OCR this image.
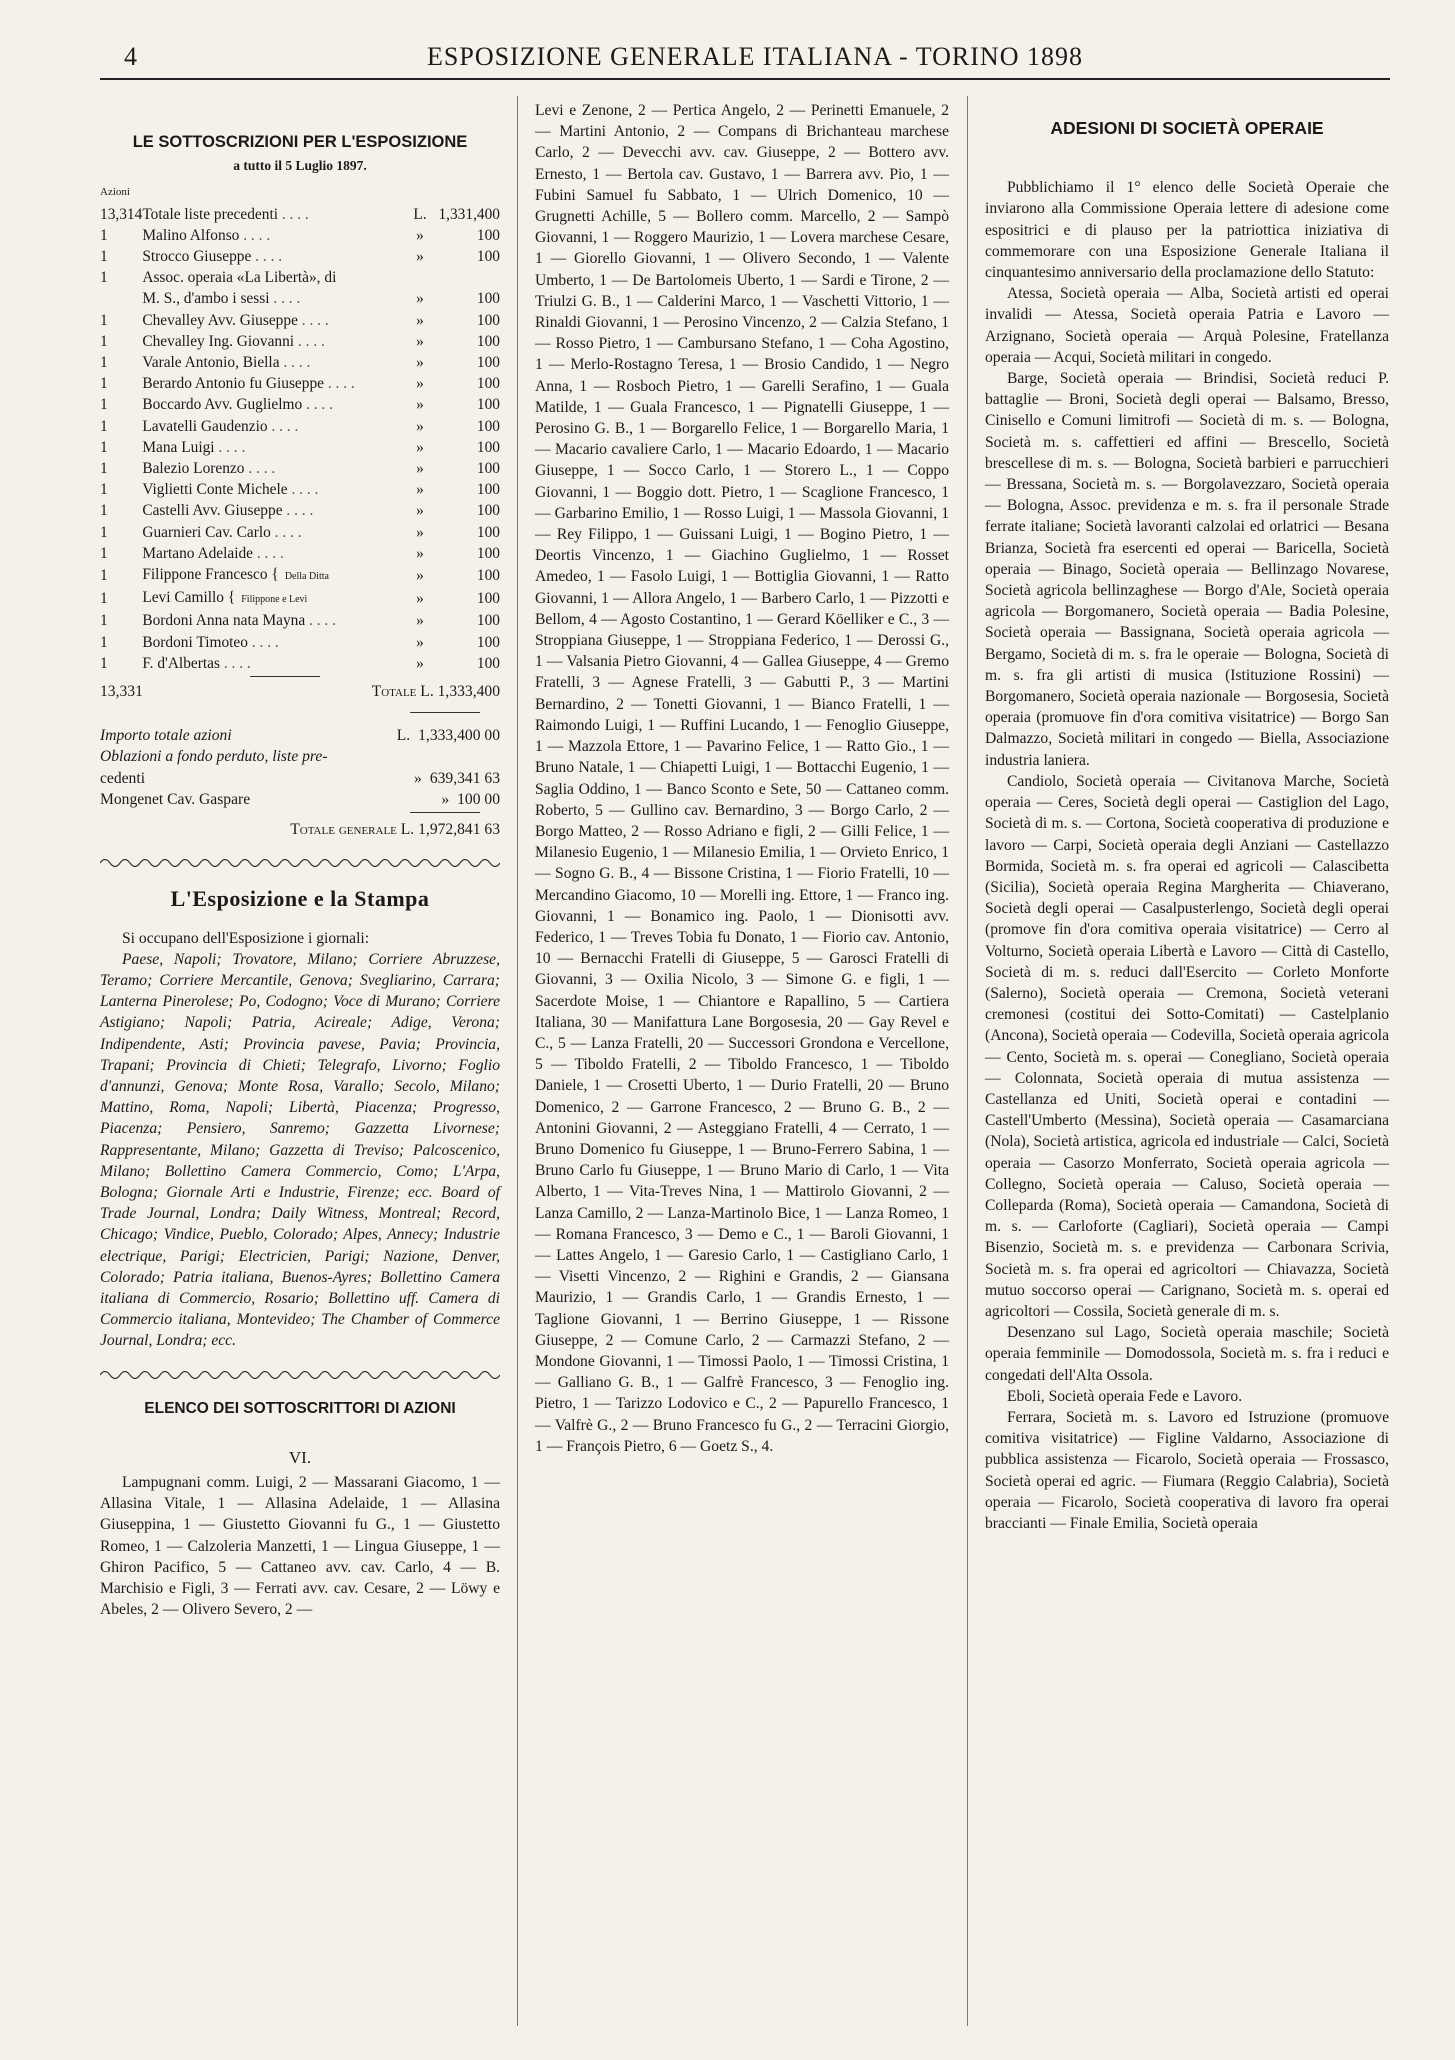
4	ESPOSIZIONE GENERALE ITALIANA - TORINO 1898
LE SOTTOSCRIZIONI PER L'ESPOSIZIONE
a tutto il 5 Luglio 1897.
Azioni
13,314	Totale liste precedenti . . . .	L.	1,331,400
1	Malino Alfonso . . . .	»	100
1	Strocco Giuseppe . . . .	»	100
1	Assoc. operaia «La Libertà», di		
	M. S., d'ambo i sessi . . . .	»	100
1	Chevalley Avv. Giuseppe . . . .	»	100
1	Chevalley Ing. Giovanni . . . .	»	100
1	Varale Antonio, Biella . . . .	»	100
1	Berardo Antonio fu Giuseppe . . . .	»	100
1	Boccardo Avv. Guglielmo . . . .	»	100
1	Lavatelli Gaudenzio . . . .	»	100
1	Mana Luigi . . . .	»	100
1	Balezio Lorenzo . . . .	»	100
1	Viglietti Conte Michele . . . .	»	100
1	Castelli Avv. Giuseppe . . . .	»	100
1	Guarnieri Cav. Carlo . . . .	»	100
1	Martano Adelaide . . . .	»	100
1	Filippone Francesco { Della Ditta	»	100
1	Levi Camillo { Filippone e Levi	»	100
1	Bordoni Anna nata Mayna . . . .	»	100
1	Bordoni Timoteo . . . .	»	100
1	F. d'Albertas . . . .	»	100
13,331	Totale L. 1,333,400
Importo totale azioni	L. 1,333,400 00
Oblazioni a fondo perduto, liste pre-
cedenti	» 639,341 63
Mongenet Cav. Gaspare	» 100 00
Totale generale L. 1,972,841 63
L'Esposizione e la Stampa

Si occupano dell'Esposizione i giornali:

Paese, Napoli; Trovatore, Milano; Corriere Abruzzese, Teramo; Corriere Mercantile, Genova; Svegliarino, Carrara; Lanterna Pinerolese; Po, Codogno; Voce di Murano; Corriere Astigiano; Napoli; Patria, Acireale; Adige, Verona; Indipendente, Asti; Provincia pavese, Pavia; Provincia, Trapani; Provincia di Chieti; Telegrafo, Livorno; Foglio d'annunzi, Genova; Monte Rosa, Varallo; Secolo, Milano; Mattino, Roma, Napoli; Libertà, Piacenza; Progresso, Piacenza; Pensiero, Sanremo; Gazzetta Livornese; Rappresentante, Milano; Gazzetta di Treviso; Palcoscenico, Milano; Bollettino Camera Commercio, Como; L'Arpa, Bologna; Giornale Arti e Industrie, Firenze; ecc. Board of Trade Journal, Londra; Daily Witness, Montreal; Record, Chicago; Vindice, Pueblo, Colorado; Alpes, Annecy; Industrie electrique, Parigi; Electricien, Parigi; Nazione, Denver, Colorado; Patria italiana, Buenos-Ayres; Bollettino Camera italiana di Commercio, Rosario; Bollettino uff. Camera di Commercio italiana, Montevideo; The Chamber of Commerce Journal, Londra; ecc.

ELENCO DEI SOTTOSCRITTORI DI AZIONI
VI.

Lampugnani comm. Luigi, 2 — Massarani Giacomo, 1 — Allasina Vitale, 1 — Allasina Adelaide, 1 — Allasina Giuseppina, 1 — Giustetto Giovanni fu G., 1 — Giustetto Romeo, 1 — Calzoleria Manzetti, 1 — Lingua Giuseppe, 1 — Ghiron Pacifico, 5 — Cattaneo avv. cav. Carlo, 4 — B. Marchisio e Figli, 3 — Ferrati avv. cav. Cesare, 2 — Löwy e Abeles, 2 — Olivero Severo, 2 —

Levi e Zenone, 2 — Pertica Angelo, 2 — Perinetti Emanuele, 2 — Martini Antonio, 2 — Compans di Brichanteau marchese Carlo, 2 — Devecchi avv. cav. Giuseppe, 2 — Bottero avv. Ernesto, 1 — Bertola cav. Gustavo, 1 — Barrera avv. Pio, 1 — Fubini Samuel fu Sabbato, 1 — Ulrich Domenico, 10 — Grugnetti Achille, 5 — Bollero comm. Marcello, 2 — Sampò Giovanni, 1 — Roggero Maurizio, 1 — Lovera marchese Cesare, 1 — Giorello Giovanni, 1 — Olivero Secondo, 1 — Valente Umberto, 1 — De Bartolomeis Uberto, 1 — Sardi e Tirone, 2 — Triulzi G. B., 1 — Calderini Marco, 1 — Vaschetti Vittorio, 1 — Rinaldi Giovanni, 1 — Perosino Vincenzo, 2 — Calzia Stefano, 1 — Rosso Pietro, 1 — Cambursano Stefano, 1 — Coha Agostino, 1 — Merlo-Rostagno Teresa, 1 — Brosio Candido, 1 — Negro Anna, 1 — Rosboch Pietro, 1 — Garelli Serafino, 1 — Guala Matilde, 1 — Guala Francesco, 1 — Pignatelli Giuseppe, 1 — Perosino G. B., 1 — Borgarello Felice, 1 — Borgarello Maria, 1 — Macario cavaliere Carlo, 1 — Macario Edoardo, 1 — Macario Giuseppe, 1 — Socco Carlo, 1 — Storero L., 1 — Coppo Giovanni, 1 — Boggio dott. Pietro, 1 — Scaglione Francesco, 1 — Garbarino Emilio, 1 — Rosso Luigi, 1 — Massola Giovanni, 1 — Rey Filippo, 1 — Guissani Luigi, 1 — Bogino Pietro, 1 — Deortis Vincenzo, 1 — Giachino Guglielmo, 1 — Rosset Amedeo, 1 — Fasolo Luigi, 1 — Bottiglia Giovanni, 1 — Ratto Giovanni, 1 — Allora Angelo, 1 — Barbero Carlo, 1 — Pizzotti e Bellom, 4 — Agosto Costantino, 1 — Gerard Köelliker e C., 3 — Stroppiana Giuseppe, 1 — Stroppiana Federico, 1 — Derossi G., 1 — Valsania Pietro Giovanni, 4 — Gallea Giuseppe, 4 — Gremo Fratelli, 3 — Agnese Fratelli, 3 — Gabutti P., 3 — Martini Bernardino, 2 — Tonetti Giovanni, 1 — Bianco Fratelli, 1 — Raimondo Luigi, 1 — Ruffini Lucando, 1 — Fenoglio Giuseppe, 1 — Mazzola Ettore, 1 — Pavarino Felice, 1 — Ratto Gio., 1 — Bruno Natale, 1 — Chiapetti Luigi, 1 — Bottacchi Eugenio, 1 — Saglia Oddino, 1 — Banco Sconto e Sete, 50 — Cattaneo comm. Roberto, 5 — Gullino cav. Bernardino, 3 — Borgo Carlo, 2 — Borgo Matteo, 2 — Rosso Adriano e figli, 2 — Gilli Felice, 1 — Milanesio Eugenio, 1 — Milanesio Emilia, 1 — Orvieto Enrico, 1 — Sogno G. B., 4 — Bissone Cristina, 1 — Fiorio Fratelli, 10 — Mercandino Giacomo, 10 — Morelli ing. Ettore, 1 — Franco ing. Giovanni, 1 — Bonamico ing. Paolo, 1 — Dionisotti avv. Federico, 1 — Treves Tobia fu Donato, 1 — Fiorio cav. Antonio, 10 — Bernacchi Fratelli di Giuseppe, 5 — Garosci Fratelli di Giovanni, 3 — Oxilia Nicolo, 3 — Simone G. e figli, 1 — Sacerdote Moise, 1 — Chiantore e Rapallino, 5 — Cartiera Italiana, 30 — Manifattura Lane Borgosesia, 20 — Gay Revel e C., 5 — Lanza Fratelli, 20 — Successori Grondona e Vercellone, 5 — Tiboldo Fratelli, 2 — Tiboldo Francesco, 1 — Tiboldo Daniele, 1 — Crosetti Uberto, 1 — Durio Fratelli, 20 — Bruno Domenico, 2 — Garrone Francesco, 2 — Bruno G. B., 2 — Antonini Giovanni, 2 — Asteggiano Fratelli, 4 — Cerrato, 1 — Bruno Domenico fu Giuseppe, 1 — Bruno-Ferrero Sabina, 1 — Bruno Carlo fu Giuseppe, 1 — Bruno Mario di Carlo, 1 — Vita Alberto, 1 — Vita-Treves Nina, 1 — Mattirolo Giovanni, 2 — Lanza Camillo, 2 — Lanza-Martinolo Bice, 1 — Lanza Romeo, 1 — Romana Francesco, 3 — Demo e C., 1 — Baroli Giovanni, 1 — Lattes Angelo, 1 — Garesio Carlo, 1 — Castigliano Carlo, 1 — Visetti Vincenzo, 2 — Righini e Grandis, 2 — Giansana Maurizio, 1 — Grandis Carlo, 1 — Grandis Ernesto, 1 — Taglione Giovanni, 1 — Berrino Giuseppe, 1 — Rissone Giuseppe, 2 — Comune Carlo, 2 — Carmazzi Stefano, 2 — Mondone Giovanni, 1 — Timossi Paolo, 1 — Timossi Cristina, 1 — Galliano G. B., 1 — Galfrè Francesco, 3 — Fenoglio ing. Pietro, 1 — Tarizzo Lodovico e C., 2 — Papurello Francesco, 1 — Valfrè G., 2 — Bruno Francesco fu G., 2 — Terracini Giorgio, 1 — François Pietro, 6 — Goetz S., 4.

ADESIONI DI SOCIETÀ OPERAIE

Pubblichiamo il 1° elenco delle Società Operaie che inviarono alla Commissione Operaia lettere di adesione come espositrici e di plauso per la patriottica iniziativa di commemorare con una Esposizione Generale Italiana il cinquantesimo anniversario della proclamazione dello Statuto:

Atessa, Società operaia — Alba, Società artisti ed operai invalidi — Atessa, Società operaia Patria e Lavoro — Arzignano, Società operaia — Arquà Polesine, Fratellanza operaia — Acqui, Società militari in congedo.

Barge, Società operaia — Brindisi, Società reduci P. battaglie — Broni, Società degli operai — Balsamo, Bresso, Cinisello e Comuni limitrofi — Società di m. s. — Bologna, Società m. s. caffettieri ed affini — Brescello, Società brescellese di m. s. — Bologna, Società barbieri e parrucchieri — Bressana, Società m. s. — Borgolavezzaro, Società operaia — Bologna, Assoc. previdenza e m. s. fra il personale Strade ferrate italiane; Società lavoranti calzolai ed orlatrici — Besana Brianza, Società fra esercenti ed operai — Baricella, Società operaia — Binago, Società operaia — Bellinzago Novarese, Società agricola bellinzaghese — Borgo d'Ale, Società operaia agricola — Borgomanero, Società operaia — Badia Polesine, Società operaia — Bassignana, Società operaia agricola — Bergamo, Società di m. s. fra le operaie — Bologna, Società di m. s. fra gli artisti di musica (Istituzione Rossini) — Borgomanero, Società operaia nazionale — Borgosesia, Società operaia (promuove fin d'ora comitiva visitatrice) — Borgo San Dalmazzo, Società militari in congedo — Biella, Associazione industria laniera.

Candiolo, Società operaia — Civitanova Marche, Società operaia — Ceres, Società degli operai — Castiglion del Lago, Società di m. s. — Cortona, Società cooperativa di produzione e lavoro — Carpi, Società operaia degli Anziani — Castellazzo Bormida, Società m. s. fra operai ed agricoli — Calascibetta (Sicilia), Società operaia Regina Margherita — Chiaverano, Società degli operai — Casalpusterlengo, Società degli operai (promove fin d'ora comitiva operaia visitatrice) — Cerro al Volturno, Società operaia Libertà e Lavoro — Città di Castello, Società di m. s. reduci dall'Esercito — Corleto Monforte (Salerno), Società operaia — Cremona, Società veterani cremonesi (costitui dei Sotto-Comitati) — Castelplanio (Ancona), Società operaia — Codevilla, Società operaia agricola — Cento, Società m. s. operai — Conegliano, Società operaia — Colonnata, Società operaia di mutua assistenza — Castellanza ed Uniti, Società operai e contadini — Castell'Umberto (Messina), Società operaia — Casamarciana (Nola), Società artistica, agricola ed industriale — Calci, Società operaia — Casorzo Monferrato, Società operaia agricola — Collegno, Società operaia — Caluso, Società operaia — Colleparda (Roma), Società operaia — Camandona, Società di m. s. — Carloforte (Cagliari), Società operaia — Campi Bisenzio, Società m. s. e previdenza — Carbonara Scrivia, Società m. s. fra operai ed agricoltori — Chiavazza, Società mutuo soccorso operai — Carignano, Società m. s. operai ed agricoltori — Cossila, Società generale di m. s.

Desenzano sul Lago, Società operaia maschile; Società operaia femminile — Domodossola, Società m. s. fra i reduci e congedati dell'Alta Ossola.

Eboli, Società operaia Fede e Lavoro.

Ferrara, Società m. s. Lavoro ed Istruzione (promuove comitiva visitatrice) — Figline Valdarno, Associazione di pubblica assistenza — Ficarolo, Società operaia — Frossasco, Società operai ed agric. — Fiumara (Reggio Calabria), Società operaia — Ficarolo, Società cooperativa di lavoro fra operai braccianti — Finale Emilia, Società operaia
